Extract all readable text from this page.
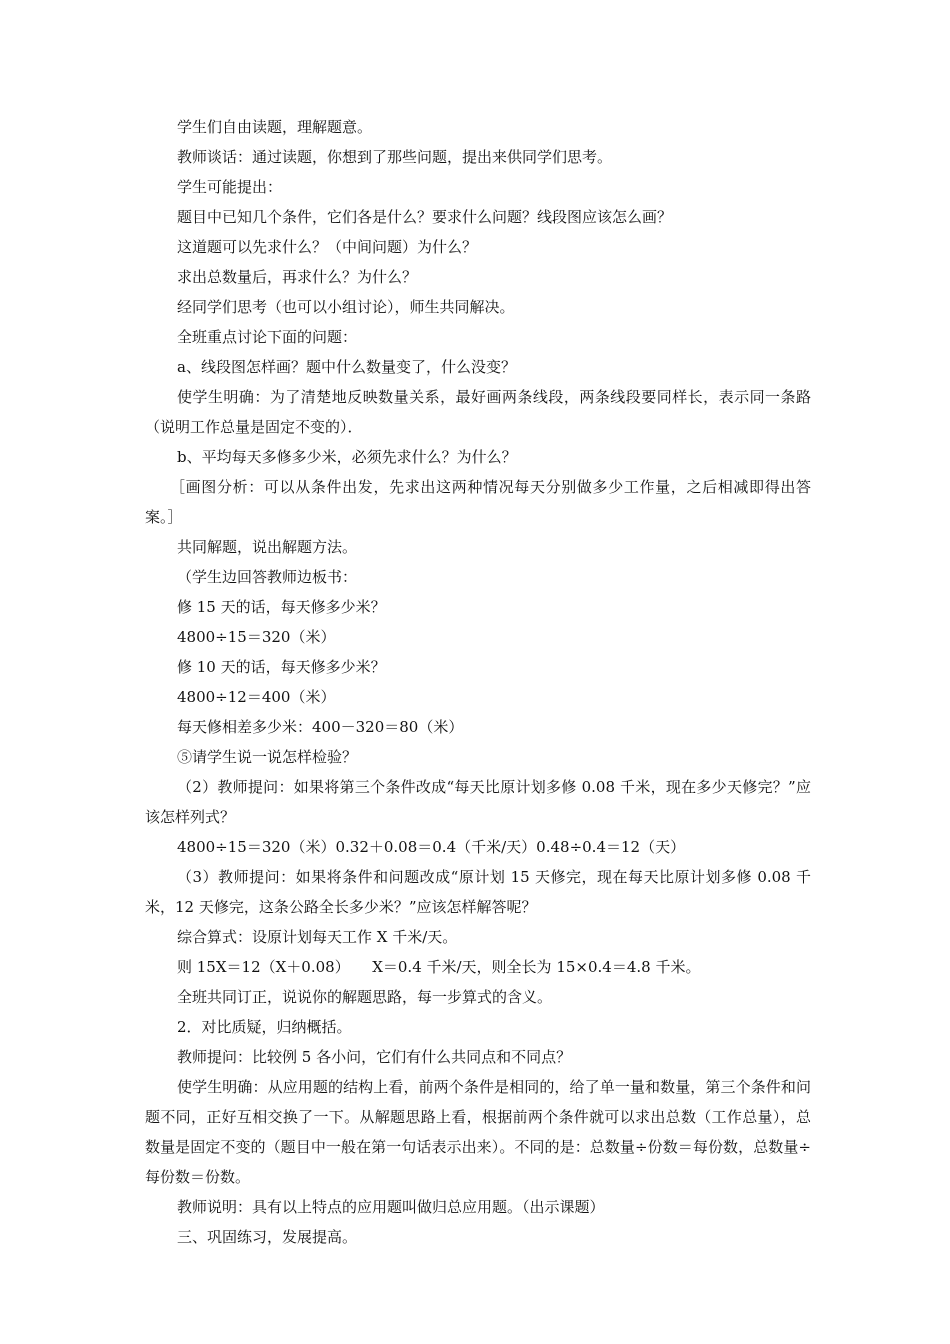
学生们自由读题，理解题意。

教师谈话：通过读题，你想到了那些问题，提出来供同学们思考。

学生可能提出：

题目中已知几个条件，它们各是什么？要求什么问题？线段图应该怎么画？

这道题可以先求什么？（中间问题）为什么？

求出总数量后，再求什么？为什么？

经同学们思考（也可以小组讨论），师生共同解决。

全班重点讨论下面的问题：

a、线段图怎样画？题中什么数量变了，什么没变？

使学生明确：为了清楚地反映数量关系，最好画两条线段，两条线段要同样长，表示同一条路（说明工作总量是固定不变的）．

b、平均每天多修多少米，必须先求什么？为什么？

［画图分析：可以从条件出发，先求出这两种情况每天分别做多少工作量，之后相减即得出答案。］

共同解题，说出解题方法。

（学生边回答教师边板书：

修 15 天的话，每天修多少米？

4800÷15＝320（米）

修 10 天的话，每天修多少米？

4800÷12＝400（米）

每天修相差多少米：400－320＝80（米）

⑤请学生说一说怎样检验？

（2）教师提问：如果将第三个条件改成“每天比原计划多修 0.08 千米，现在多少天修完？”应该怎样列式？

4800÷15＝320（米）0.32＋0.08＝0.4（千米/天）0.48÷0.4＝12（天）

（3）教师提问：如果将条件和问题改成“原计划 15 天修完，现在每天比原计划多修 0.08 千米，12 天修完，这条公路全长多少米？”应该怎样解答呢？

综合算式：设原计划每天工作 X 千米/天。

则 15X＝12（X＋0.08）　　X＝0.4 千米/天，则全长为 15×0.4＝4.8 千米。

全班共同订正，说说你的解题思路，每一步算式的含义。

2．对比质疑，归纳概括。

教师提问：比较例 5 各小问，它们有什么共同点和不同点？

使学生明确：从应用题的结构上看，前两个条件是相同的，给了单一量和数量，第三个条件和问题不同，正好互相交换了一下。从解题思路上看，根据前两个条件就可以求出总数（工作总量），总数量是固定不变的（题目中一般在第一句话表示出来）。不同的是：总数量÷份数＝每份数，总数量÷每份数＝份数。

教师说明：具有以上特点的应用题叫做归总应用题。（出示课题）

三、巩固练习，发展提高。
